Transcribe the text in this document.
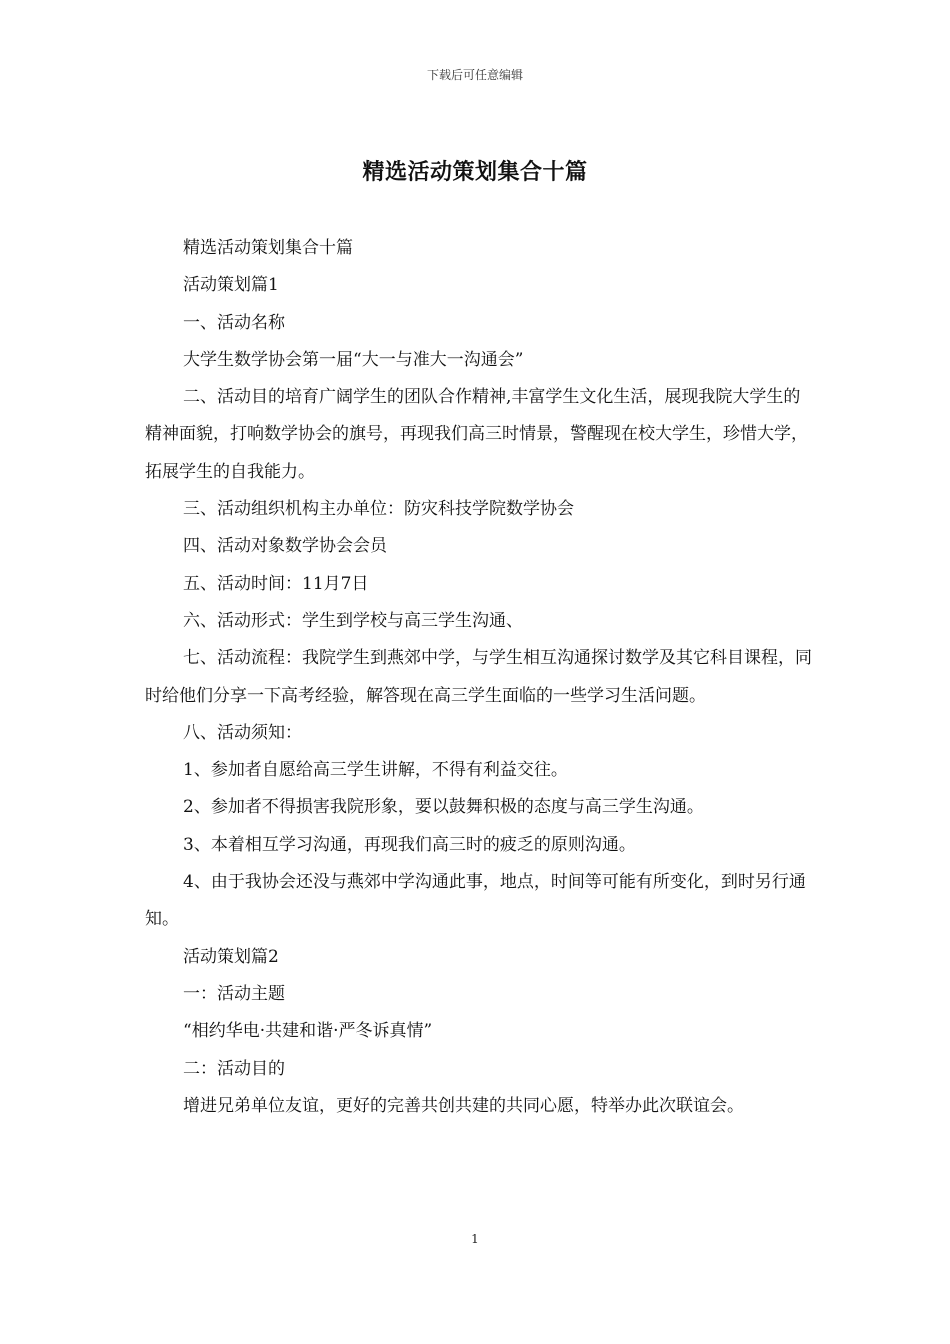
下载后可任意编辑
精选活动策划集合十篇

精选活动策划集合十篇

活动策划篇1

一、活动名称

大学生数学协会第一届“大一与准大一沟通会”

二、活动目的培育广阔学生的团队合作精神,丰富学生文化生活，展现我院大学生的精神面貌，打响数学协会的旗号，再现我们高三时情景，警醒现在校大学生，珍惜大学，拓展学生的自我能力。

三、活动组织机构主办单位：防灾科技学院数学协会

四、活动对象数学协会会员

五、活动时间：11月7日

六、活动形式：学生到学校与高三学生沟通、

七、活动流程：我院学生到燕郊中学，与学生相互沟通探讨数学及其它科目课程，同时给他们分享一下高考经验，解答现在高三学生面临的一些学习生活问题。

八、活动须知：

1、参加者自愿给高三学生讲解，不得有利益交往。

2、参加者不得损害我院形象，要以鼓舞积极的态度与高三学生沟通。

3、本着相互学习沟通，再现我们高三时的疲乏的原则沟通。

4、由于我协会还没与燕郊中学沟通此事，地点，时间等可能有所变化，到时另行通知。

活动策划篇2

一：活动主题

“相约华电·共建和谐·严冬诉真情”

二：活动目的

增进兄弟单位友谊，更好的完善共创共建的共同心愿，特举办此次联谊会。

1
